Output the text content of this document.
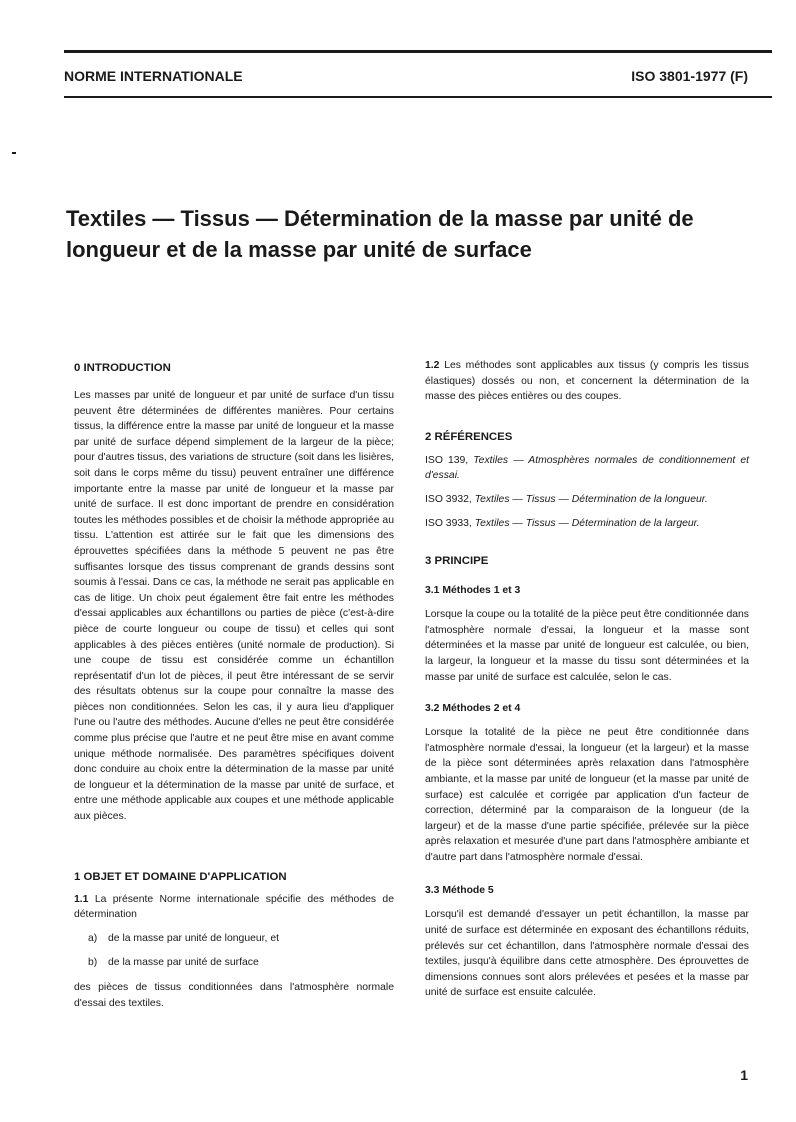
NORME INTERNATIONALE	ISO 3801-1977 (F)
Textiles — Tissus — Détermination de la masse par unité de
longueur et de la masse par unité de surface
0 INTRODUCTION

Les masses par unité de longueur et par unité de surface d'un tissu peuvent être déterminées de différentes manières. Pour certains tissus, la différence entre la masse par unité de longueur et la masse par unité de surface dépend simplement de la largeur de la pièce; pour d'autres tissus, des variations de structure (soit dans les lisières, soit dans le corps même du tissu) peuvent entraîner une différence importante entre la masse par unité de longueur et la masse par unité de surface. Il est donc important de prendre en considération toutes les méthodes possibles et de choisir la méthode appropriée au tissu. L'attention est attirée sur le fait que les dimensions des éprouvettes spécifiées dans la méthode 5 peuvent ne pas être suffisantes lorsque des tissus comprenant de grands dessins sont soumis à l'essai. Dans ce cas, la méthode ne serait pas applicable en cas de litige. Un choix peut également être fait entre les méthodes d'essai applicables aux échantillons ou parties de pièce (c'est-à-dire pièce de courte longueur ou coupe de tissu) et celles qui sont applicables à des pièces entières (unité normale de production). Si une coupe de tissu est considérée comme un échantillon représentatif d'un lot de pièces, il peut être intéressant de se servir des résultats obtenus sur la coupe pour connaître la masse des pièces non conditionnées. Selon les cas, il y aura lieu d'appliquer l'une ou l'autre des méthodes. Aucune d'elles ne peut être considérée comme plus précise que l'autre et ne peut être mise en avant comme unique méthode normalisée. Des paramètres spécifiques doivent donc conduire au choix entre la détermination de la masse par unité de longueur et la détermination de la masse par unité de surface, et entre une méthode applicable aux coupes et une méthode applicable aux pièces.

1 OBJET ET DOMAINE D'APPLICATION

1.1 La présente Norme internationale spécifie des méthodes de détermination

a)	de la masse par unité de longueur, et
b)	de la masse par unité de surface

des pièces de tissus conditionnées dans l'atmosphère normale d'essai des textiles.

1.2 Les méthodes sont applicables aux tissus (y compris les tissus élastiques) dossés ou non, et concernent la détermination de la masse des pièces entières ou des coupes.

2 RÉFÉRENCES

ISO 139, Textiles — Atmosphères normales de conditionnement et d'essai.

ISO 3932, Textiles — Tissus — Détermination de la longueur.

ISO 3933, Textiles — Tissus — Détermination de la largeur.

3 PRINCIPE
3.1 Méthodes 1 et 3

Lorsque la coupe ou la totalité de la pièce peut être conditionnée dans l'atmosphère normale d'essai, la longueur et la masse sont déterminées et la masse par unité de longueur est calculée, ou bien, la largeur, la longueur et la masse du tissu sont déterminées et la masse par unité de surface est calculée, selon le cas.

3.2 Méthodes 2 et 4

Lorsque la totalité de la pièce ne peut être conditionnée dans l'atmosphère normale d'essai, la longueur (et la largeur) et la masse de la pièce sont déterminées après relaxation dans l'atmosphère ambiante, et la masse par unité de longueur (et la masse par unité de surface) est calculée et corrigée par application d'un facteur de correction, déterminé par la comparaison de la longueur (de la largeur) et de la masse d'une partie spécifiée, prélevée sur la pièce après relaxation et mesurée d'une part dans l'atmosphère ambiante et d'autre part dans l'atmosphère normale d'essai.

3.3 Méthode 5

Lorsqu'il est demandé d'essayer un petit échantillon, la masse par unité de surface est déterminée en exposant des échantillons réduits, prélevés sur cet échantillon, dans l'atmosphère normale d'essai des textiles, jusqu'à équilibre dans cette atmosphère. Des éprouvettes de dimensions connues sont alors prélevées et pesées et la masse par unité de surface est ensuite calculée.

1
